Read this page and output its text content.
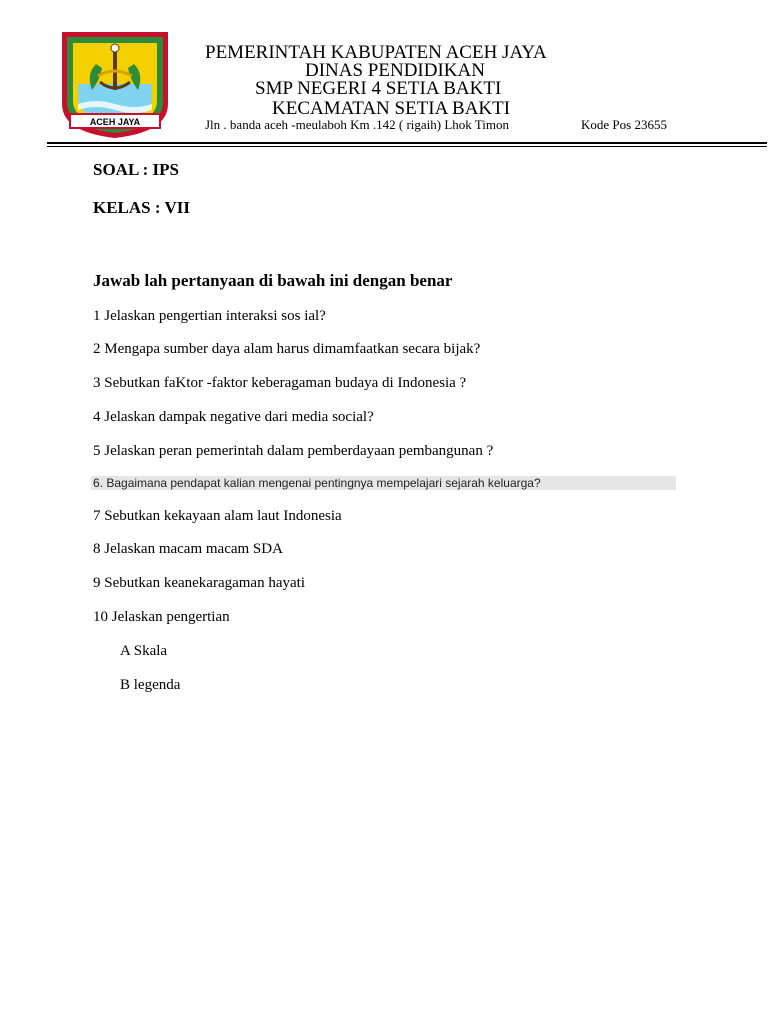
ACEH JAYA
PEMERINTAH KABUPATEN ACEH JAYA
DINAS PENDIDIKAN
SMP NEGERI 4 SETIA BAKTI
KECAMATAN SETIA BAKTI
Jln . banda aceh -meulaboh Km .142 ( rigaih) Lhok Timon	Kode Pos 23655
SOAL : IPS
KELAS : VII
Jawab lah pertanyaan di bawah ini dengan benar
1 Jelaskan pengertian interaksi sos ial?
2 Mengapa sumber daya alam harus dimamfaatkan secara bijak?
3 Sebutkan faKtor -faktor keberagaman budaya di Indonesia ?
4 Jelaskan dampak negative dari media social?
5 Jelaskan peran pemerintah dalam pemberdayaan pembangunan ?
6. Bagaimana pendapat kalian mengenai pentingnya mempelajari sejarah keluarga?
7 Sebutkan kekayaan alam laut Indonesia
8 Jelaskan macam macam SDA
9 Sebutkan keanekaragaman hayati
10 Jelaskan pengertian
A Skala
B legenda
